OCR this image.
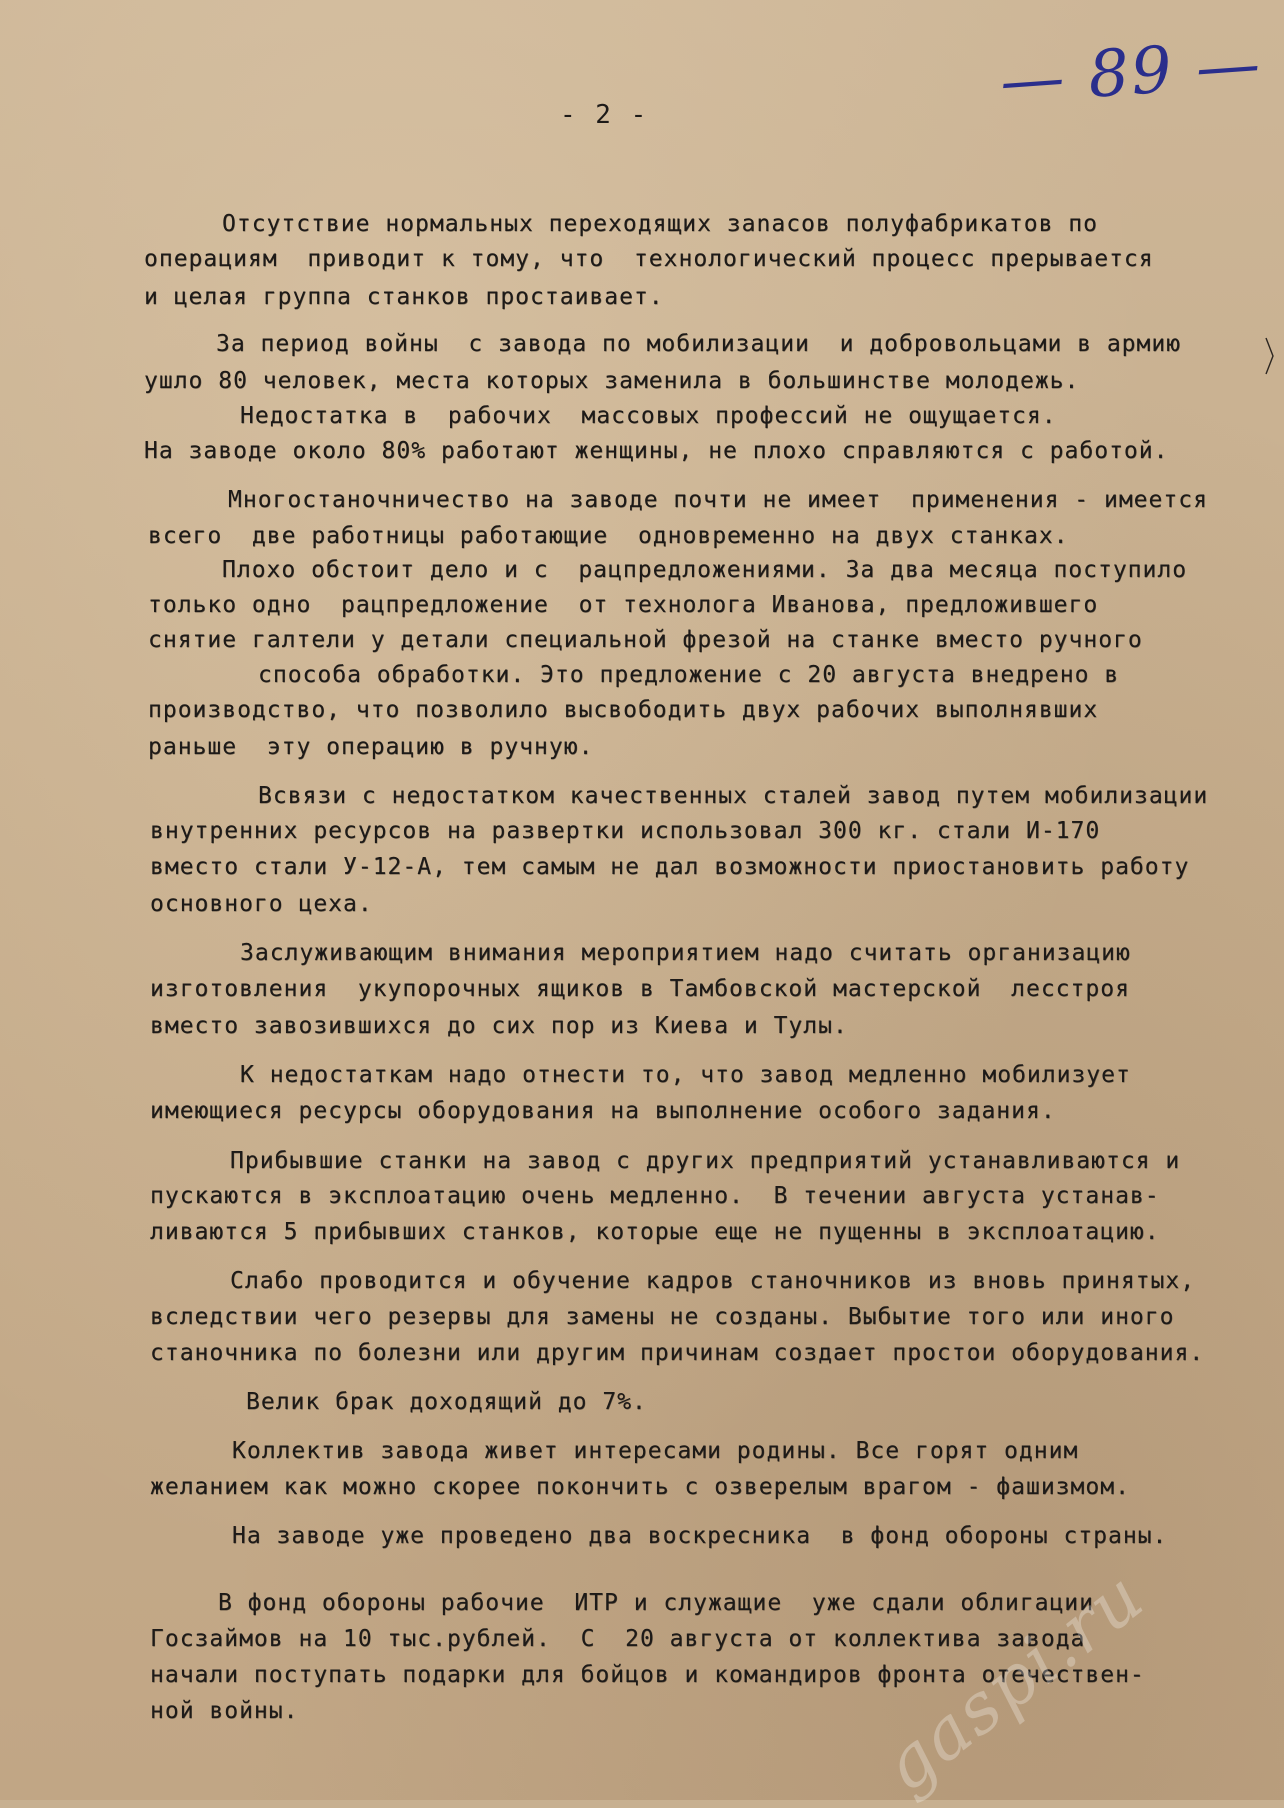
— 89 —
- 2 -
Отсутствие нормальных переходящих заnасов полуфабрикатов по
операциям  приводит к тому, что  технологический процесс прерывается
и целая группа станков простаивает.
За период войны  с завода по мобилизации  и добровольцами в армию
ушло 80 человек, места которых заменила в большинстве молодежь.
Недостатка в  рабочих  массовых профессий не ощущается.
На заводе около 80% работают женщины, не плохо справляются с работой.
Многостаночничество на заводе почти не имеет  применения - имеется
всего  две работницы работающие  одновременно на двух станках.
Плохо обстоит дело и с  рацпредложениями. За два месяца поступило
только одно  рацпредложение  от технолога Иванова, предложившего
снятие галтели у детали специальной фрезой на станке вместо ручного
способа обработки. Это предложение с 20 августа внедрено в
производство, что позволило высвободить двух рабочих выполнявших
раньше  эту операцию в ручную.
Всвязи с недостатком качественных сталей завод путем мобилизации
внутренних ресурсов на развертки использовал 300 кг. стали И-170
вместо стали У-12-А, тем самым не дал возможности приостановить работу
основного цеха.
Заслуживающим внимания мероприятием надо считать организацию
изготовления  укупорочных ящиков в Тамбовской мастерской  лесстроя
вместо завозившихся до сих пор из Киева и Тулы.
К недостаткам надо отнести то, что завод медленно мобилизует
имеющиеся ресурсы оборудования на выполнение особого задания.
Прибывшие станки на завод с других предприятий устанавливаются и
пускаются в эксплоатацию очень медленно.  В течении августа устанав-
ливаются 5 прибывших станков, которые еще не пущенны в эксплоатацию.
Слабо проводится и обучение кадров станочников из вновь принятых,
вследствии чего резервы для замены не созданы. Выбытие того или иного
станочника по болезни или другим причинам создает простои оборудования.
Велик брак доходящий до 7%.
Коллектив завода живет интересами родины. Все горят одним
желанием как можно скорее покончить с озверелым врагом - фашизмом.
На заводе уже проведено два воскресника  в фонд обороны страны.
В фонд обороны рабочие  ИТР и служащие  уже сдали облигации
Госзаймов на 10 тыс.рублей.  С  20 августа от коллектива завода
начали поступать подарки для бойцов и командиров фронта отечествен-
ной войны.	gaspi.ru
